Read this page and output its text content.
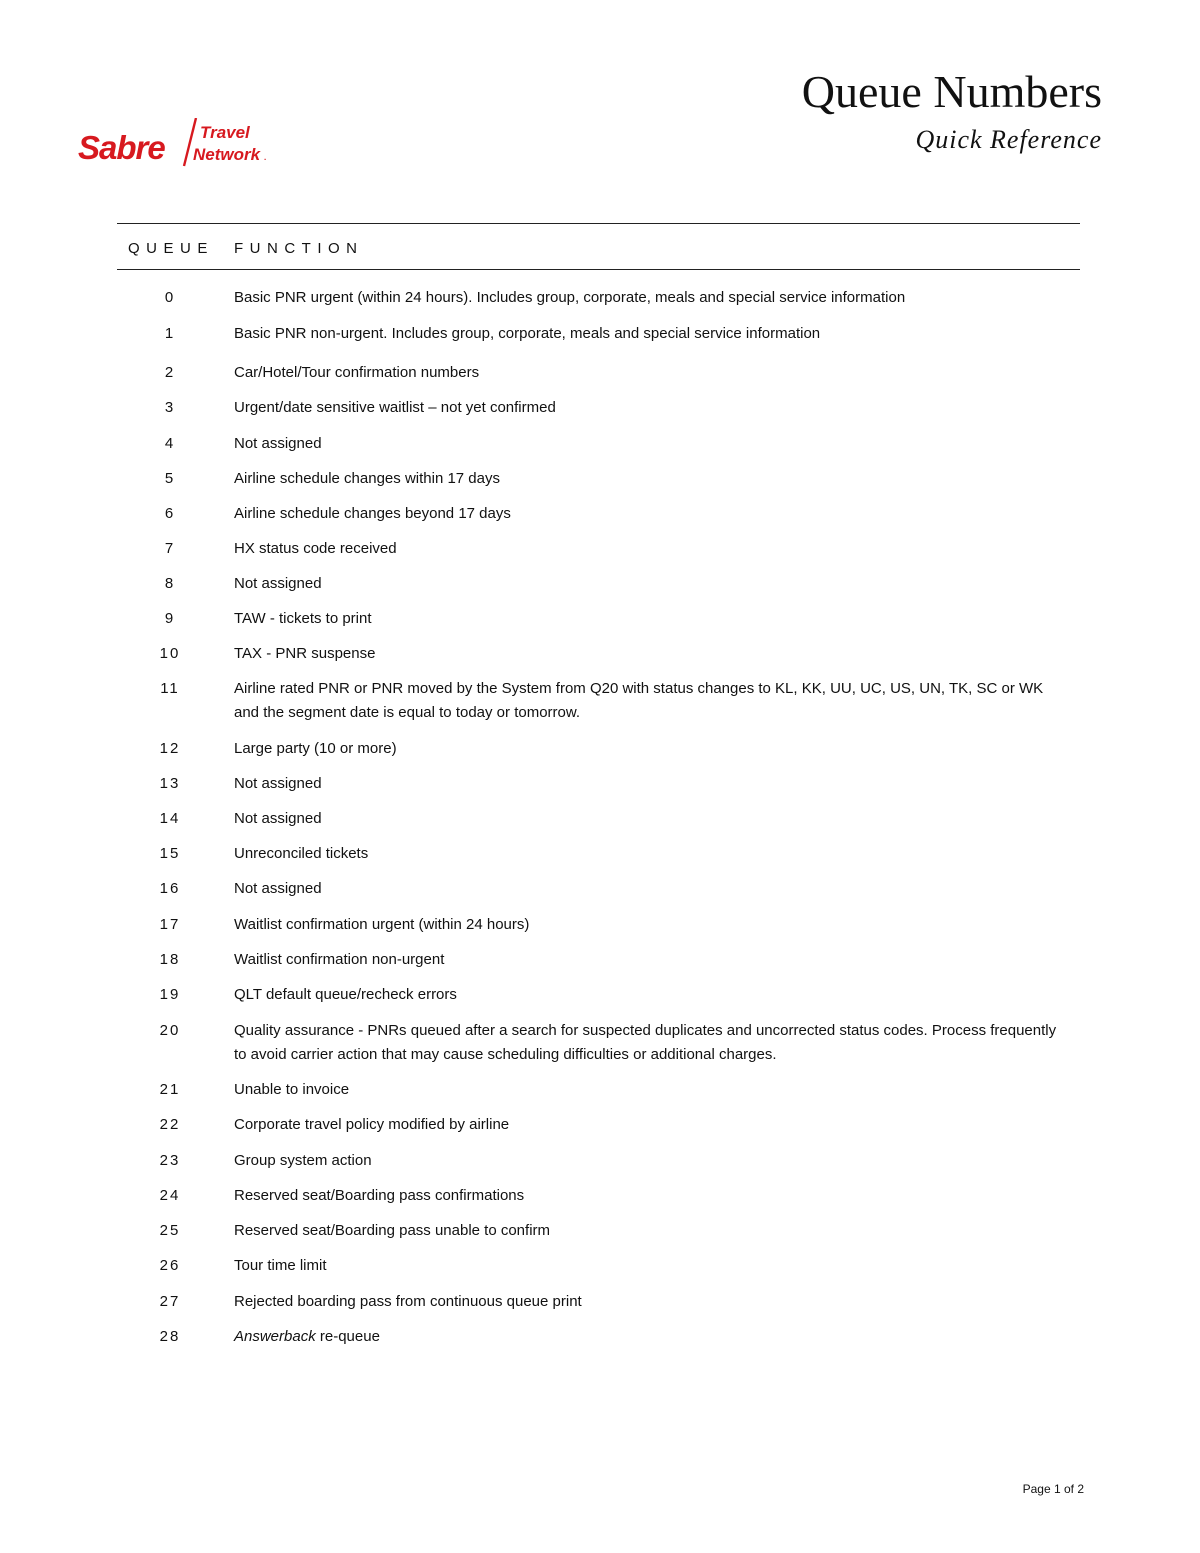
Sabre Travel
Network .
Queue Numbers
Quick Reference
QUEUE FUNCTION
0	Basic PNR urgent (within 24 hours). Includes group, corporate, meals and special service information
1	Basic PNR non-urgent. Includes group, corporate, meals and special service information
2	Car/Hotel/Tour confirmation numbers
3	Urgent/date sensitive waitlist – not yet confirmed
4	Not assigned
5	Airline schedule changes within 17 days
6	Airline schedule changes beyond 17 days
7	HX status code received
8	Not assigned
9	TAW - tickets to print
10	TAX - PNR suspense
11	Airline rated PNR or PNR moved by the System from Q20 with status changes to KL, KK, UU, UC, US, UN, TK, SC or WK and the segment date is equal to today or tomorrow.
12	Large party (10 or more)
13	Not assigned
14	Not assigned
15	Unreconciled tickets
16	Not assigned
17	Waitlist confirmation urgent (within 24 hours)
18	Waitlist confirmation non-urgent
19	QLT default queue/recheck errors
20	Quality assurance - PNRs queued after a search for suspected duplicates and uncorrected status codes. Process frequently to avoid carrier action that may cause scheduling difficulties or additional charges.
21	Unable to invoice
22	Corporate travel policy modified by airline
23	Group system action
24	Reserved seat/Boarding pass confirmations
25	Reserved seat/Boarding pass unable to confirm
26	Tour time limit
27	Rejected boarding pass from continuous queue print
28	Answerback re-queue
Page 1 of 2
